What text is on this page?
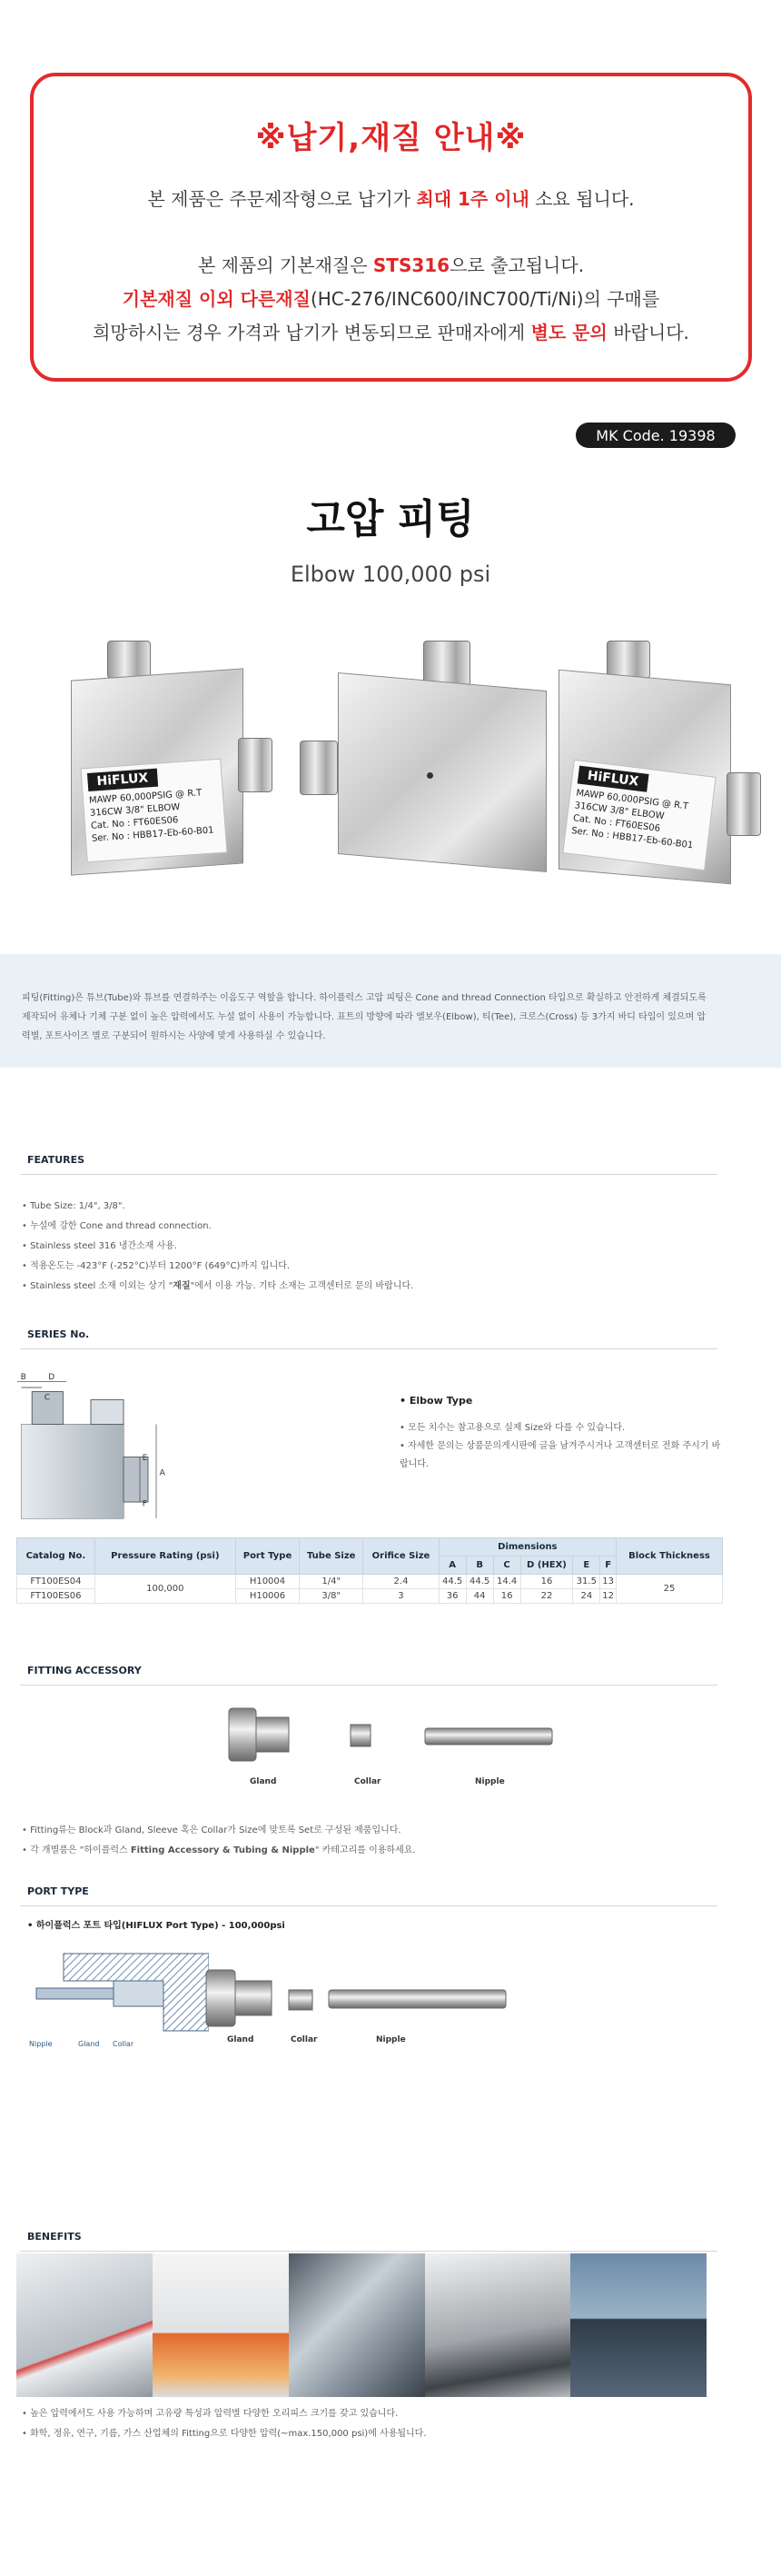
※납기,재질 안내※
본 제품은 주문제작형으로 납기가 최대 1주 이내 소요 됩니다.
본 제품의 기본재질은 STS316으로 출고됩니다.
기본재질 이외 다른재질(HC-276/INC600/INC700/Ti/Ni)의 구매를
희망하시는 경우 가격과 납기가 변동되므로 판매자에게 별도 문의 바랍니다.
MK Code. 19398
고압 피팅
Elbow 100,000 psi
HiFLUX
MAWP 60,000PSIG @ R.T
316CW 3/8" ELBOW
Cat. No : FT60ES06
Ser. No : HBB17-Eb-60-B01
HiFLUX
MAWP 60,000PSIG @ R.T
316CW 3/8" ELBOW
Cat. No : FT60ES06
Ser. No : HBB17-Eb-60-B01

피팅(Fitting)은 튜브(Tube)와 튜브를 연결하주는 이음도구 역할을 합니다. 하이플럭스 고압 피팅은 Cone and thread Connection 타입으로 확실하고 안전하게 체결되도록
제작되어 유체나 기체 구분 없이 높은 압력에서도 누설 없이 사용이 가능합니다. 표트의 방향에 따라 엘보우(Elbow), 티(Tee), 크로스(Cross) 등 3가지 바디 타입이 있으며 압
력별, 포트사이즈 별로 구분되어 원하시는 사양에 맞게 사용하실 수 있습니다.

FEATURES
• Tube Size: 1/4", 3/8".
• 누설에 강한 Cone and thread connection.
• Stainless steel 316 냉간소재 사용.
• 적용온도는 -423°F (-252°C)부터 1200°F (649°C)까지 입니다.
• Stainless steel 소재 이외는 상기 "재질"에서 이용 가능. 기타 소재는 고객센터로 문의 바랍니다.
SERIES No.
B D
C
A
E
F
• Elbow Type
• 모든 치수는 참고용으로 실제 Size와 다를 수 있습니다.
• 자세한 문의는 상품문의게시판에 글을 남겨주시거나 고객센터로 전화 주시기 바랍니다.
Catalog No.	Pressure Rating (psi)	Port Type	Tube Size	Orifice Size	Dimensions						Block Thickness
					A	B	C	D (HEX)	E	F	
FT100ES04	100,000	H10004	1/4"	2.4	44.5	44.5	14.4	16	31.5	13	25
FT100ES06		H10006	3/8"	3	36	44	16	22	24	12	
FITTING ACCESSORY
Gland	Collar	Nipple
• Fitting류는 Block과 Gland, Sleeve 혹은 Collar가 Size에 맞토록 Set로 구성된 제품입니다.
• 각 개별품은 "하이플럭스 Fitting Accessory & Tubing & Nipple" 카테고리를 이용하세요.
PORT TYPE
• 하이플럭스 포트 타입(HIFLUX Port Type) - 100,000psi
Nipple	Gland Collar	Gland	Collar	Nipple
BENEFITS
• 높은 압력에서도 사용 가능하며 고유량 특성과 압력별 다양한 오리피스 크기를 갖고 있습니다.
• 화학, 정유, 연구, 기름, 가스 산업체의 Fitting으로 다양한 압력(~max.150,000 psi)에 사용됩니다.
